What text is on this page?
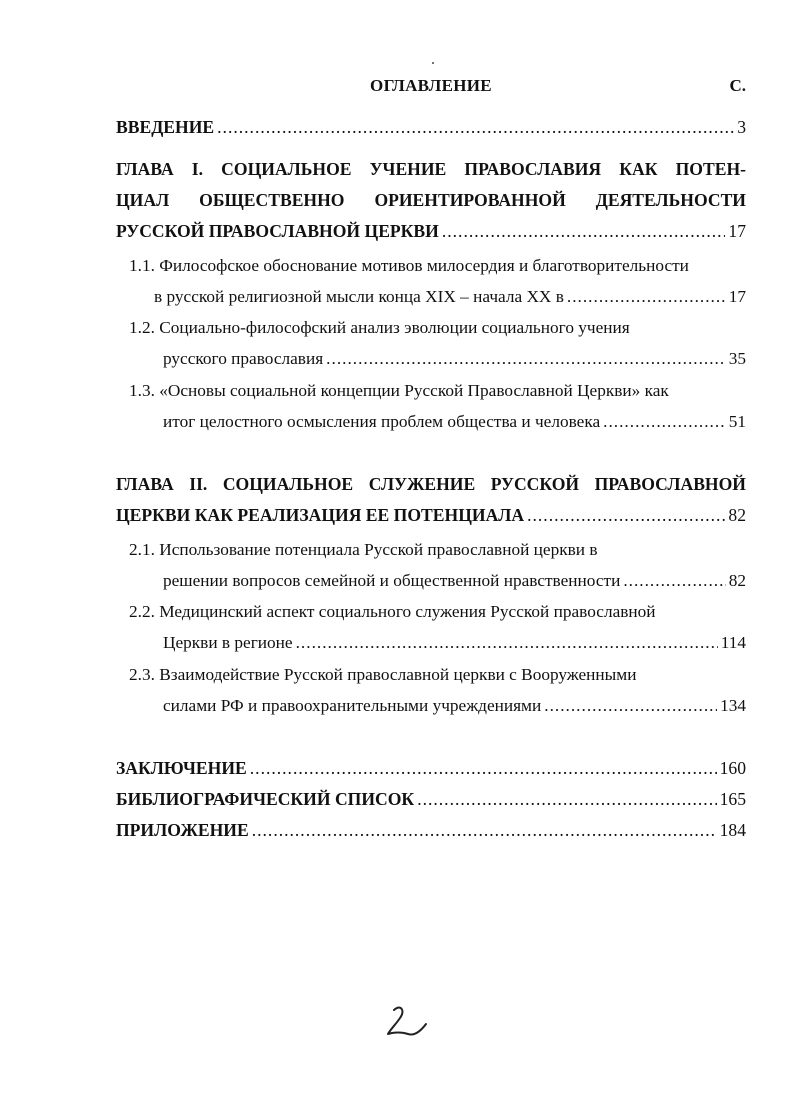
ОГЛАВЛЕНИЕ	С.
ВВЕДЕНИЕ .....	3
ГЛАВА I. СОЦИАЛЬНОЕ УЧЕНИЕ ПРАВОСЛАВИЯ КАК ПОТЕН-
ЦИАЛ ОБЩЕСТВЕННО ОРИЕНТИРОВАННОЙ ДЕЯТЕЛЬНОСТИ
РУССКОЙ ПРАВОСЛАВНОЙ ЦЕРКВИ .....	17
1.1. Философское обоснование мотивов милосердия и благотворительности
в русской религиозной мысли конца XIX – начала XX в .....	17
1.2. Социально-философский анализ эволюции социального учения
русского православия .....	35
1.3. «Основы социальной концепции Русской Православной Церкви» как
итог целостного осмысления проблем общества и человека .....	51
ГЛАВА II. СОЦИАЛЬНОЕ СЛУЖЕНИЕ РУССКОЙ ПРАВОСЛАВНОЙ
ЦЕРКВИ КАК РЕАЛИЗАЦИЯ ЕЕ ПОТЕНЦИАЛА .....	82
2.1. Использование потенциала Русской православной церкви в
решении вопросов семейной и общественной нравственности .....	82
2.2. Медицинский аспект социального служения Русской православной
Церкви в регионе .....	114
2.3. Взаимодействие Русской православной церкви с Вооруженными
силами РФ и правоохранительными учреждениями .....	134
ЗАКЛЮЧЕНИЕ .....	160
БИБЛИОГРАФИЧЕСКИЙ СПИСОК .....	165
ПРИЛОЖЕНИЕ .....	184
